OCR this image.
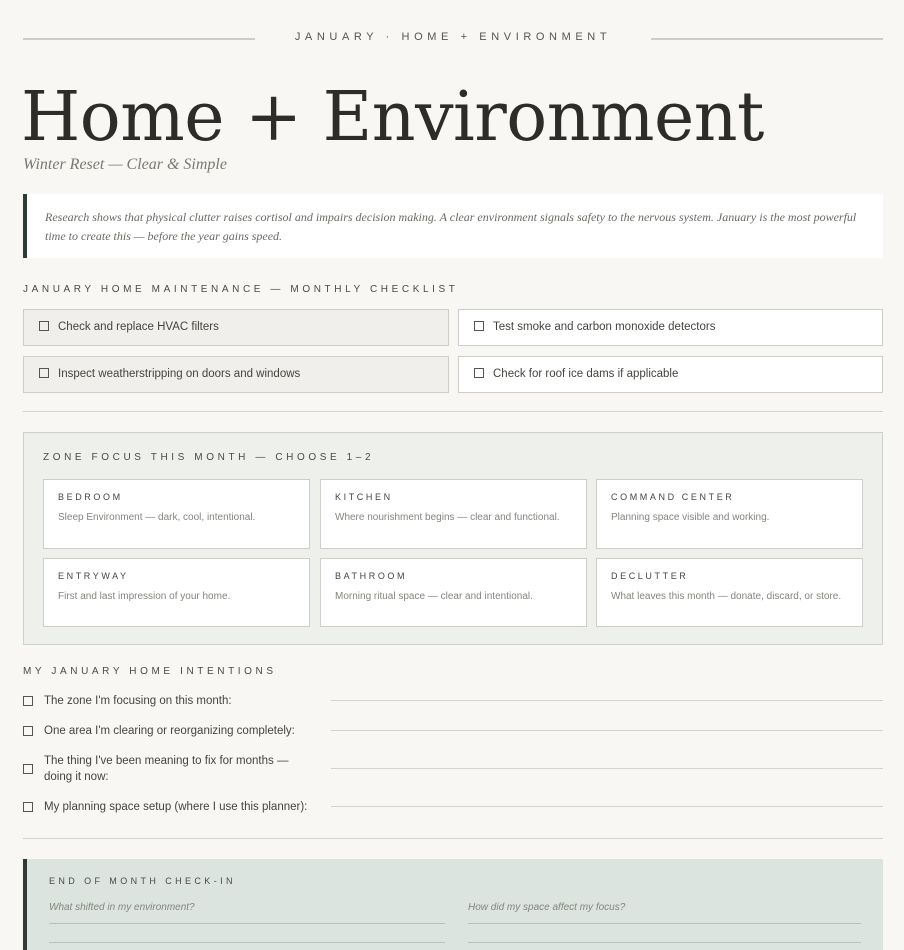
JANUARY · HOME + ENVIRONMENT
Home + Environment
Winter Reset — Clear & Simple
Research shows that physical clutter raises cortisol and impairs decision making. A clear environment signals safety to the nervous system. January is the most powerful time to create this — before the year gains speed.
JANUARY HOME MAINTENANCE — MONTHLY CHECKLIST
Check and replace HVAC filters	Test smoke and carbon monoxide detectors
Inspect weatherstripping on doors and windows	Check for roof ice dams if applicable
ZONE FOCUS THIS MONTH — CHOOSE 1–2
BEDROOM
Sleep Environment — dark, cool, intentional.
KITCHEN
Where nourishment begins — clear and functional.
COMMAND CENTER
Planning space visible and working.
ENTRYWAY
First and last impression of your home.
BATHROOM
Morning ritual space — clear and intentional.
DECLUTTER
What leaves this month — donate, discard, or store.
MY JANUARY HOME INTENTIONS
The zone I'm focusing on this month:
One area I'm clearing or reorganizing completely:
The thing I've been meaning to fix for months — doing it now:
My planning space setup (where I use this planner):
END OF MONTH CHECK-IN
What shifted in my environment?	How did my space affect my focus?
